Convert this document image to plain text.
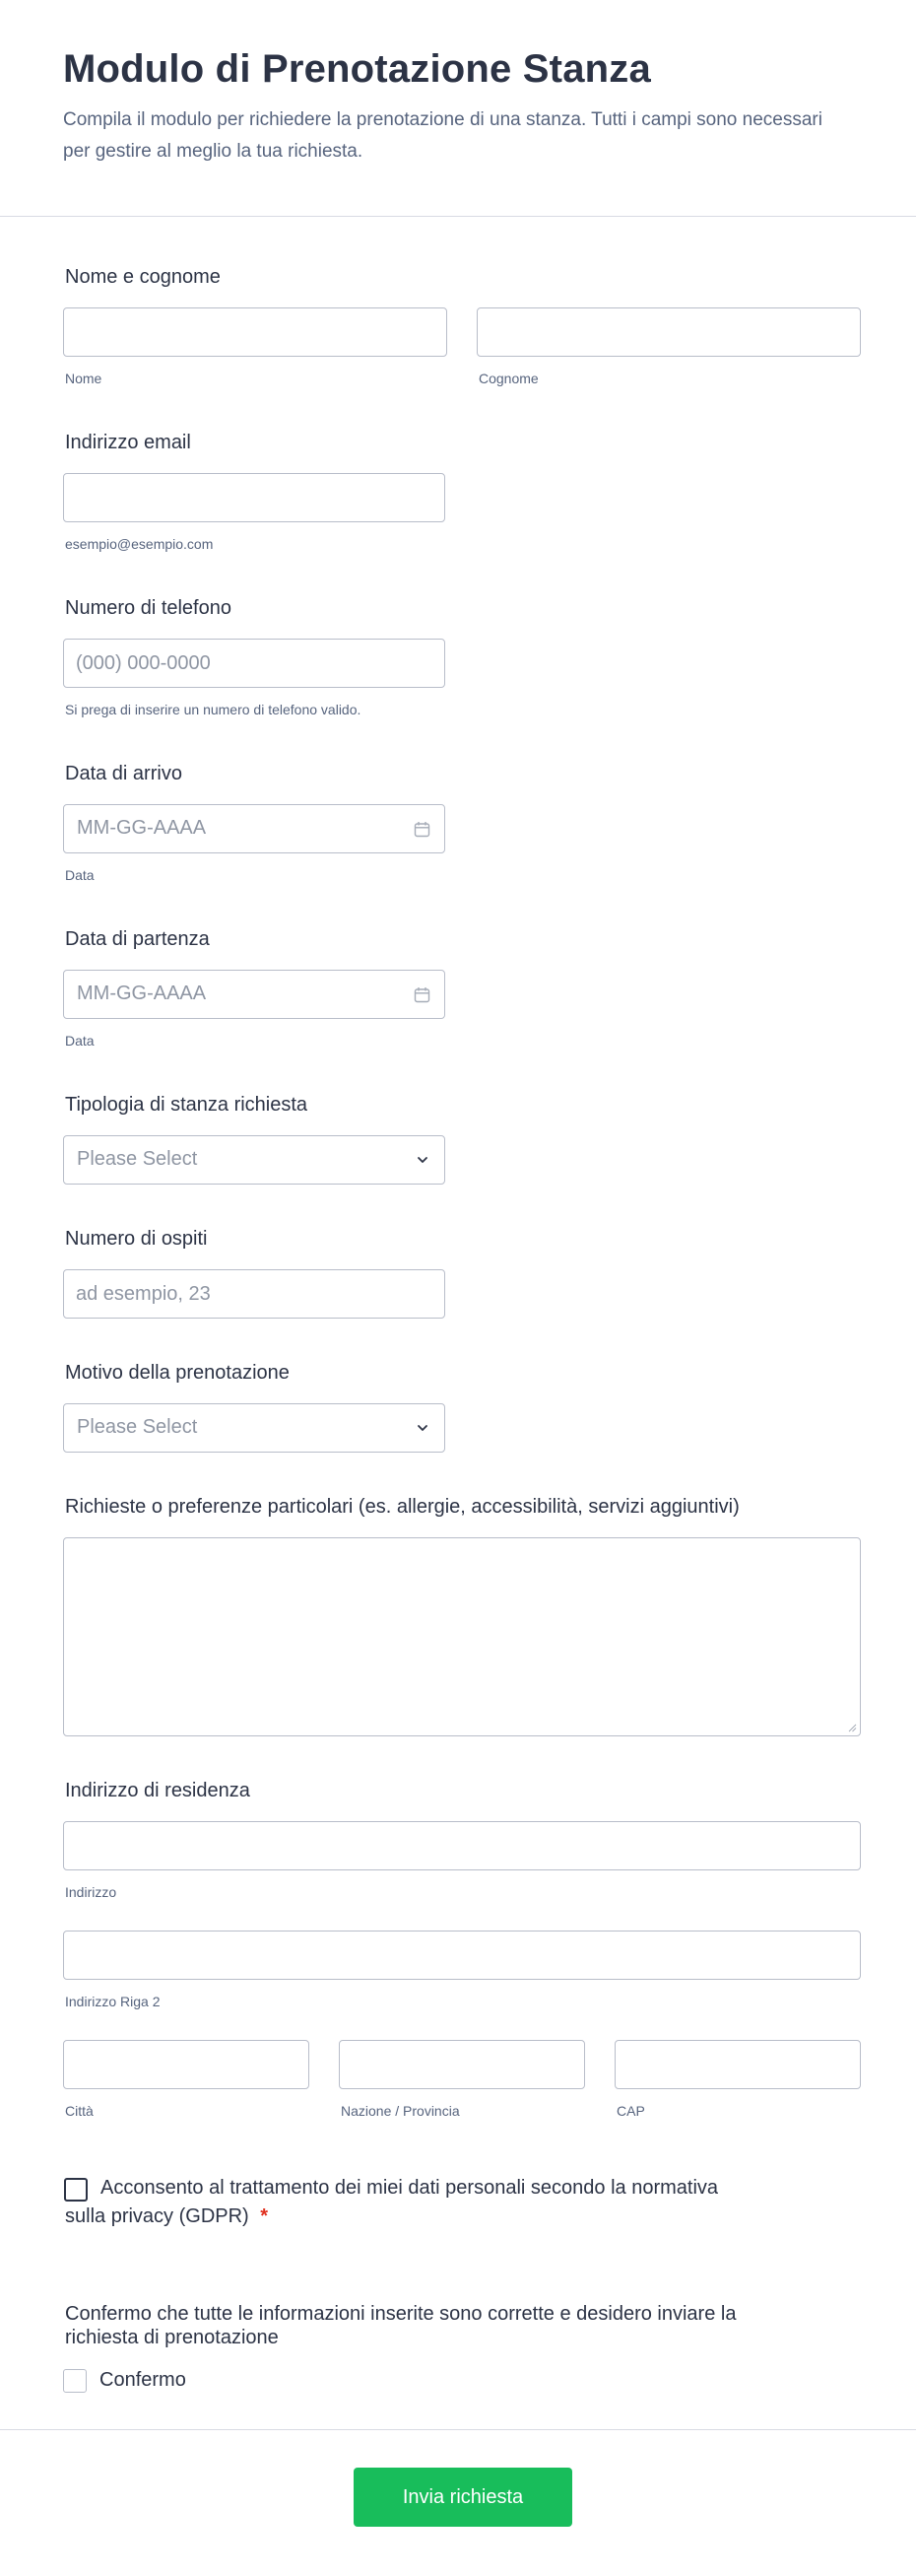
Modulo di Prenotazione Stanza

Compila il modulo per richiedere la prenotazione di una stanza. Tutti i campi sono necessari per gestire al meglio la tua richiesta.

Nome e cognome
Nome	Cognome
Indirizzo email
esempio@esempio.com
Numero di telefono
(000) 000-0000
Si prega di inserire un numero di telefono valido.
Data di arrivo
MM-GG-AAAA
Data
Data di partenza
MM-GG-AAAA
Data
Tipologia di stanza richiesta
Please Select
Numero di ospiti
ad esempio, 23
Motivo della prenotazione
Please Select
Richieste o preferenze particolari (es. allergie, accessibilità, servizi aggiuntivi)
Indirizzo di residenza
Indirizzo
Indirizzo Riga 2
Città	Nazione / Provincia	CAP
Acconsento al trattamento dei miei dati personali secondo la normativa
sulla privacy (GDPR) *
Confermo che tutte le informazioni inserite sono corrette e desidero inviare la
richiesta di prenotazione
Confermo
Invia richiesta
